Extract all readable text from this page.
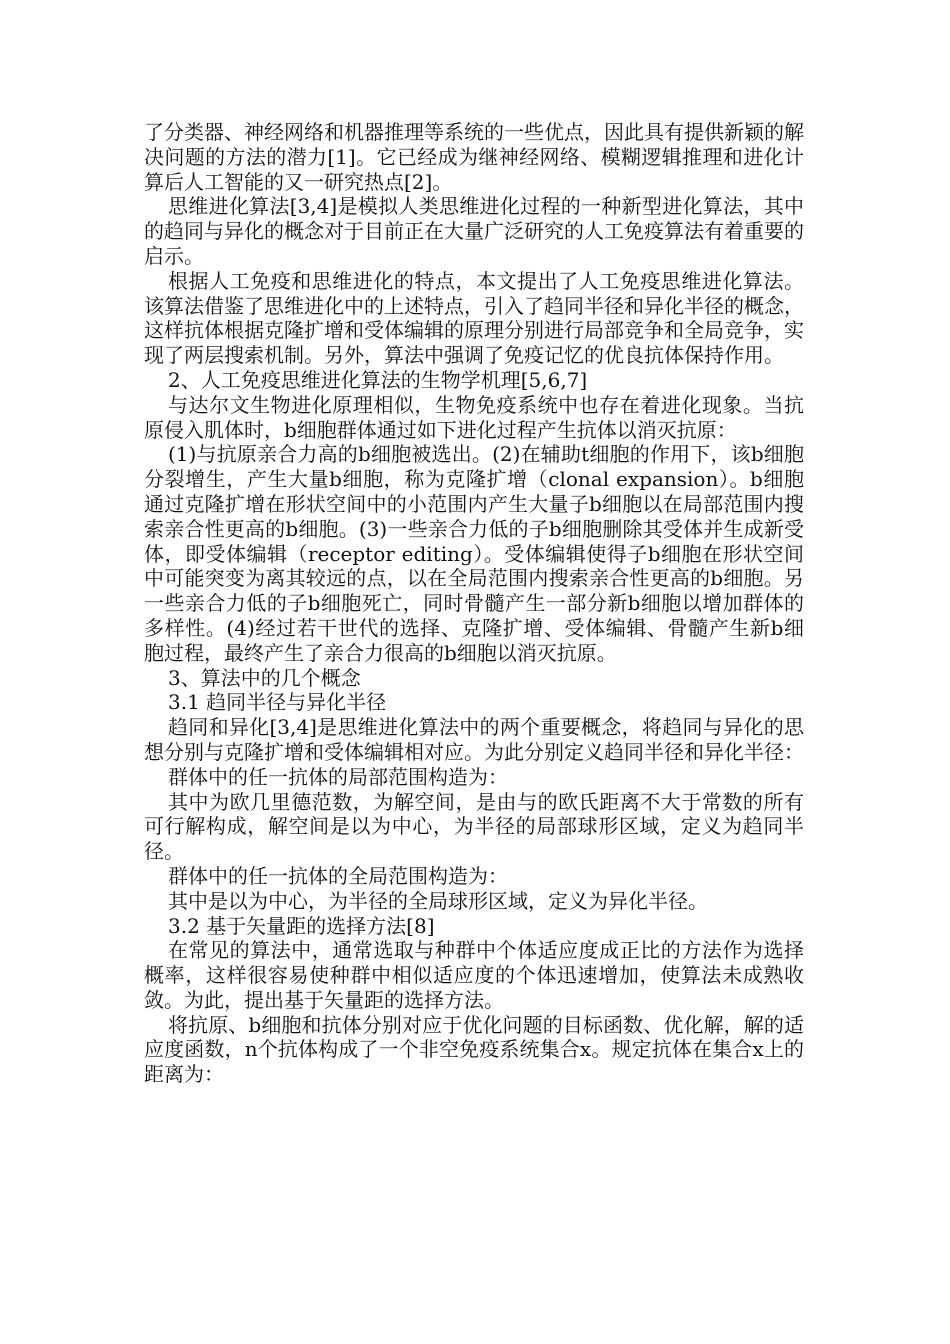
了分类器、神经网络和机器推理等系统的一些优点，因此具有提供新颖的解决问题的方法的潜力[1]。它已经成为继神经网络、模糊逻辑推理和进化计算后人工智能的又一研究热点[2]。

思维进化算法[3,4]是模拟人类思维进化过程的一种新型进化算法，其中的趋同与异化的概念对于目前正在大量广泛研究的人工免疫算法有着重要的启示。

根据人工免疫和思维进化的特点，本文提出了人工免疫思维进化算法。该算法借鉴了思维进化中的上述特点，引入了趋同半径和异化半径的概念，这样抗体根据克隆扩增和受体编辑的原理分别进行局部竞争和全局竞争，实现了两层搜索机制。另外，算法中强调了免疫记忆的优良抗体保持作用。

2、人工免疫思维进化算法的生物学机理[5,6,7]

与达尔文生物进化原理相似，生物免疫系统中也存在着进化现象。当抗原侵入肌体时，b细胞群体通过如下进化过程产生抗体以消灭抗原：

(1)与抗原亲合力高的b细胞被选出。(2)在辅助t细胞的作用下，该b细胞分裂增生，产生大量b细胞，称为克隆扩增（clonal expansion）。b细胞通过克隆扩增在形状空间中的小范围内产生大量子b细胞以在局部范围内搜索亲合性更高的b细胞。(3)一些亲合力低的子b细胞删除其受体并生成新受体，即受体编辑（receptor editing）。受体编辑使得子b细胞在形状空间中可能突变为离其较远的点，以在全局范围内搜索亲合性更高的b细胞。另一些亲合力低的子b细胞死亡，同时骨髓产生一部分新b细胞以增加群体的多样性。(4)经过若干世代的选择、克隆扩增、受体编辑、骨髓产生新b细胞过程，最终产生了亲合力很高的b细胞以消灭抗原。

3、算法中的几个概念

3.1 趋同半径与异化半径

趋同和异化[3,4]是思维进化算法中的两个重要概念，将趋同与异化的思想分别与克隆扩增和受体编辑相对应。为此分别定义趋同半径和异化半径：

群体中的任一抗体的局部范围构造为：

其中为欧几里德范数，为解空间，是由与的欧氏距离不大于常数的所有可行解构成，解空间是以为中心，为半径的局部球形区域，定义为趋同半径。

群体中的任一抗体的全局范围构造为：

其中是以为中心，为半径的全局球形区域，定义为异化半径。

3.2 基于矢量距的选择方法[8]

在常见的算法中，通常选取与种群中个体适应度成正比的方法作为选择概率，这样很容易使种群中相似适应度的个体迅速增加，使算法未成熟收敛。为此，提出基于矢量距的选择方法。

将抗原、b细胞和抗体分别对应于优化问题的目标函数、优化解，解的适应度函数，n个抗体构成了一个非空免疫系统集合x。规定抗体在集合x上的距离为：
